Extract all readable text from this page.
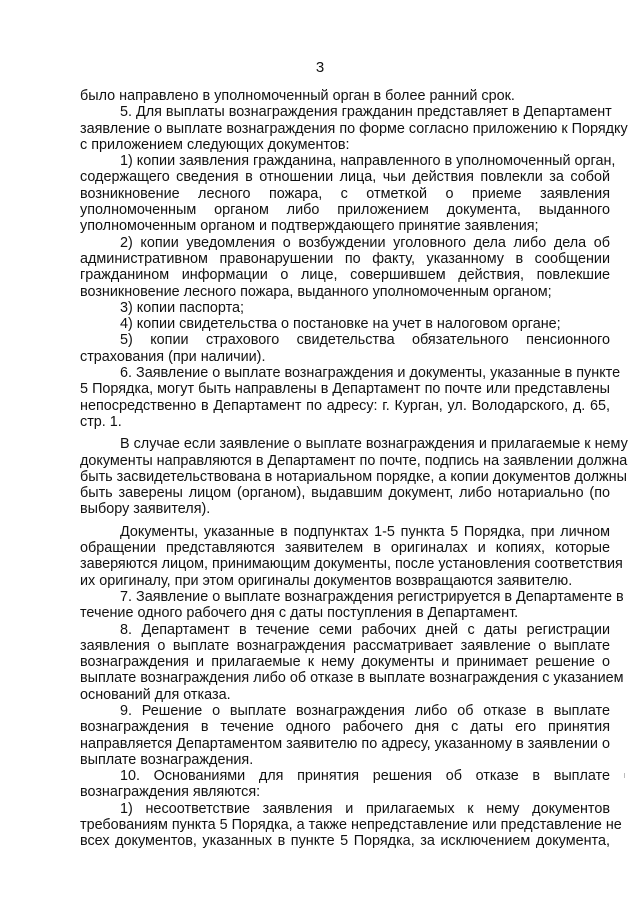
3
было направлено в уполномоченный орган в более ранний срок.
5. Для выплаты вознаграждения гражданин представляет в Департамент
заявление о выплате вознаграждения по форме согласно приложению к Порядку
с приложением следующих документов:
1) копии заявления гражданина, направленного в уполномоченный орган,
содержащего сведения в отношении лица, чьи действия повлекли за собой
возникновение лесного пожара, с отметкой о приеме заявления
уполномоченным органом либо приложением документа, выданного
уполномоченным органом и подтверждающего принятие заявления;
2) копии уведомления о возбуждении уголовного дела либо дела об
административном правонарушении по факту, указанному в сообщении
гражданином информации о лице, совершившем действия, повлекшие
возникновение лесного пожара, выданного уполномоченным органом;
3) копии паспорта;
4) копии свидетельства о постановке на учет в налоговом органе;
5) копии страхового свидетельства обязательного пенсионного
страхования (при наличии).
6. Заявление о выплате вознаграждения и документы, указанные в пункте
5 Порядка, могут быть направлены в Департамент по почте или представлены
непосредственно в Департамент по адресу: г. Курган, ул. Володарского, д. 65,
стр. 1.
В случае если заявление о выплате вознаграждения и прилагаемые к нему
документы направляются в Департамент по почте, подпись на заявлении должна
быть засвидетельствована в нотариальном порядке, а копии документов должны
быть заверены лицом (органом), выдавшим документ, либо нотариально (по
выбору заявителя).
Документы, указанные в подпунктах 1-5 пункта 5 Порядка, при личном
обращении представляются заявителем в оригиналах и копиях, которые
заверяются лицом, принимающим документы, после установления соответствия
их оригиналу, при этом оригиналы документов возвращаются заявителю.
7. Заявление о выплате вознаграждения регистрируется в Департаменте в
течение одного рабочего дня с даты поступления в Департамент.
8. Департамент в течение семи рабочих дней с даты регистрации
заявления о выплате вознаграждения рассматривает заявление о выплате
вознаграждения и прилагаемые к нему документы и принимает решение о
выплате вознаграждения либо об отказе в выплате вознаграждения с указанием
оснований для отказа.
9. Решение о выплате вознаграждения либо об отказе в выплате
вознаграждения в течение одного рабочего дня с даты его принятия
направляется Департаментом заявителю по адресу, указанному в заявлении о
выплате вознаграждения.
10. Основаниями для принятия решения об отказе в выплате
вознаграждения являются:
1) несоответствие заявления и прилагаемых к нему документов
требованиям пункта 5 Порядка, а также непредставление или представление не
всех документов, указанных в пункте 5 Порядка, за исключением документа,
